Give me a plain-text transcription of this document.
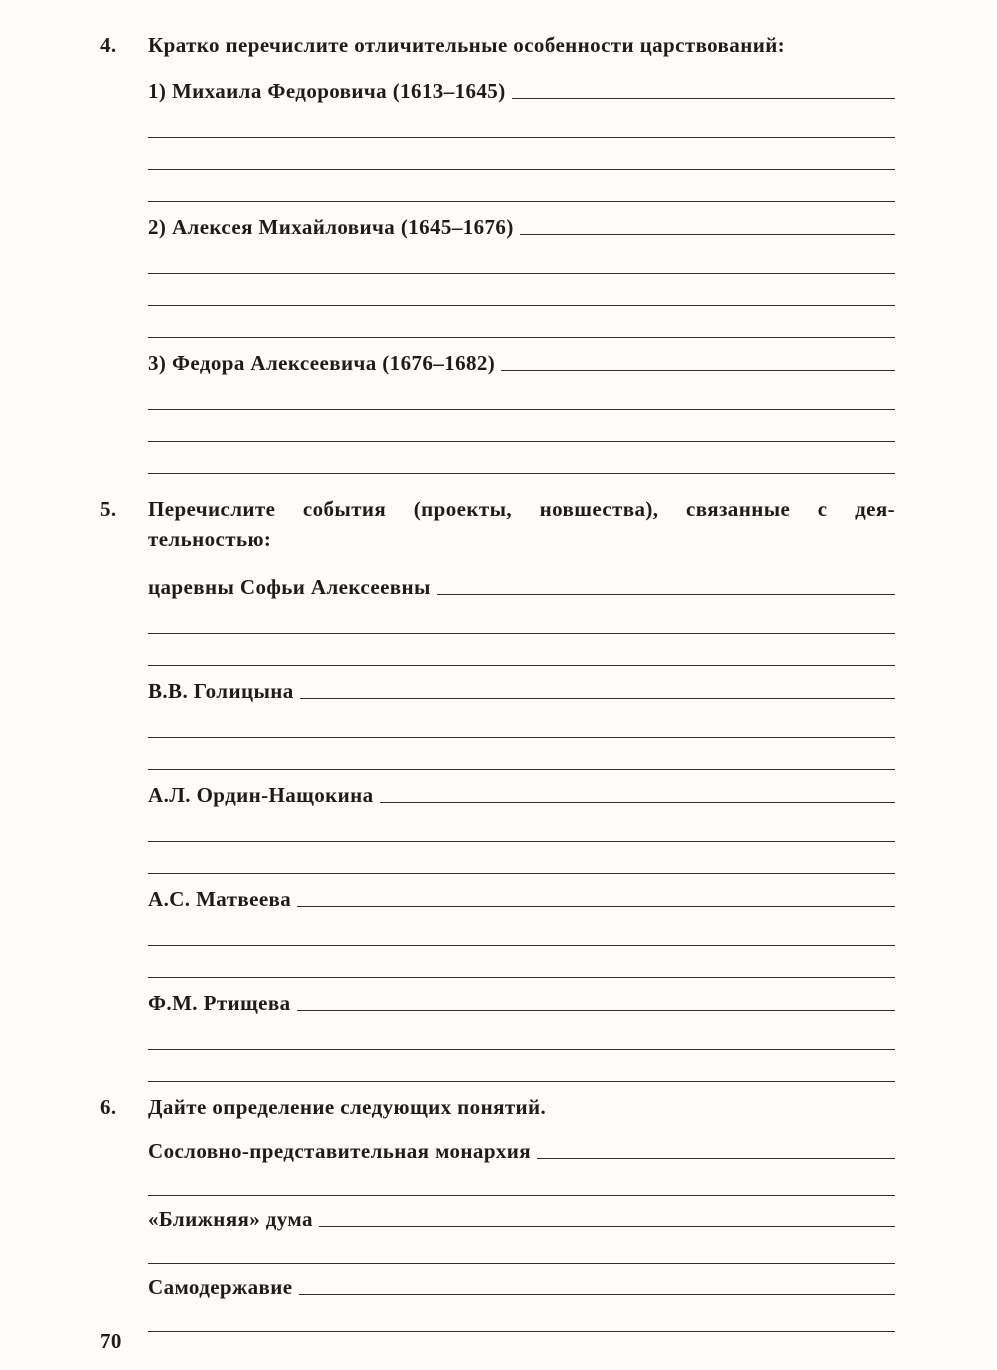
4.	Кратко перечислите отличительные особенности царствований:
1) Михаила Федоровича (1613–1645)
2) Алексея Михайловича (1645–1676)
3) Федора Алексеевича (1676–1682)
5.	Перечислите события (проекты, новшества), связанные с дея-
тельностью:
царевны Софьи Алексеевны
В.В. Голицына
А.Л. Ордин-Нащокина
А.С. Матвеева
Ф.М. Ртищева
6.	Дайте определение следующих понятий.
Сословно-представительная монархия
«Ближняя» дума
Самодержавие
70
